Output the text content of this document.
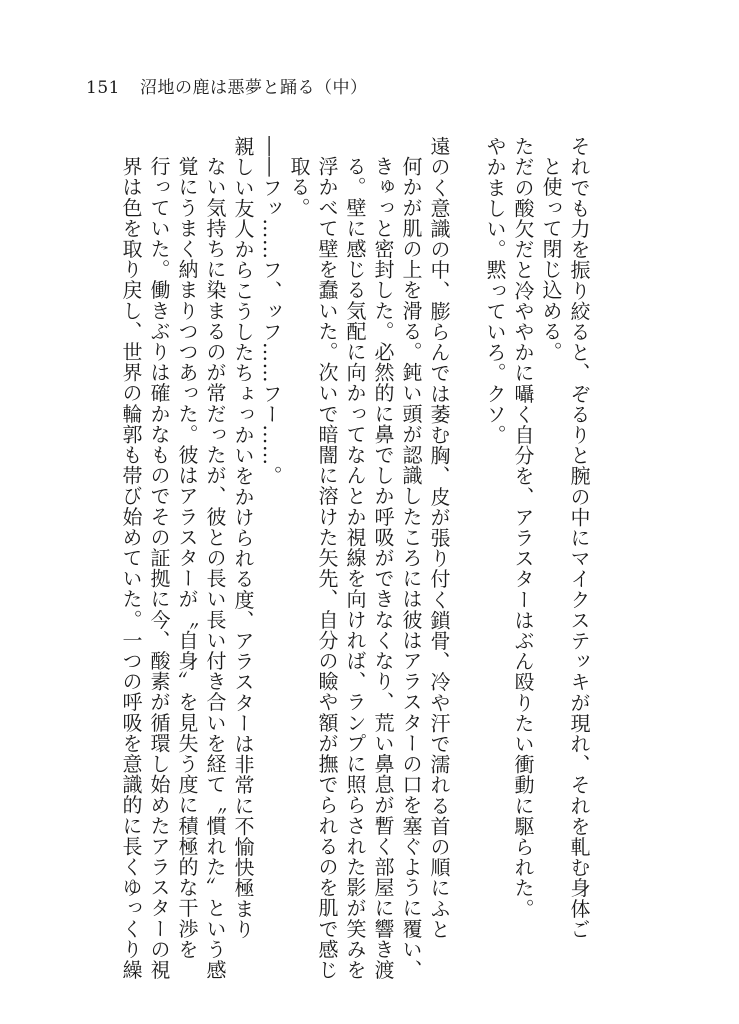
151 沼地の鹿は悪夢と踊る（中）
それでも力を振り絞ると、ぞるりと腕の中にマイクステッキが現れ、それを軋む身体ご
と使って閉じ込める。
ただの酸欠だと冷ややかに囁く自分を、アラスターはぶん殴りたい衝動に駆られた。
やかましい。黙っていろ。クソ。

遠のく意識の中、膨らんでは萎む胸、皮が張り付く鎖骨、冷や汗で濡れる首の順にふと
何かが肌の上を滑る。鈍い頭が認識したころには彼はアラスターの口を塞ぐように覆い、
きゅっと密封した。必然的に鼻でしか呼吸ができなくなり、荒い鼻息が暫く部屋に響き渡
る。壁に感じる気配に向かってなんとか視線を向ければ、ランプに照らされた影が笑みを
浮かべて壁を蠢いた。次いで暗闇に溶けた矢先、自分の瞼や額が撫でられるのを肌で感じ
取る。
――フッ……フ、ッフ……フー……。
親しい友人からこうしたちょっかいをかけられる度、アラスターは非常に不愉快極まり
ない気持ちに染まるのが常だったが、彼との長い長い付き合いを経て〝慣れた〟という感
覚にうまく納まりつつあった。彼はアラスターが〝自身〟を見失う度に積極的な干渉を
行っていた。働きぶりは確かなものでその証拠に今、酸素が循環し始めたアラスターの視
界は色を取り戻し、世界の輪郭も帯び始めていた。一つの呼吸を意識的に長くゆっくり繰
